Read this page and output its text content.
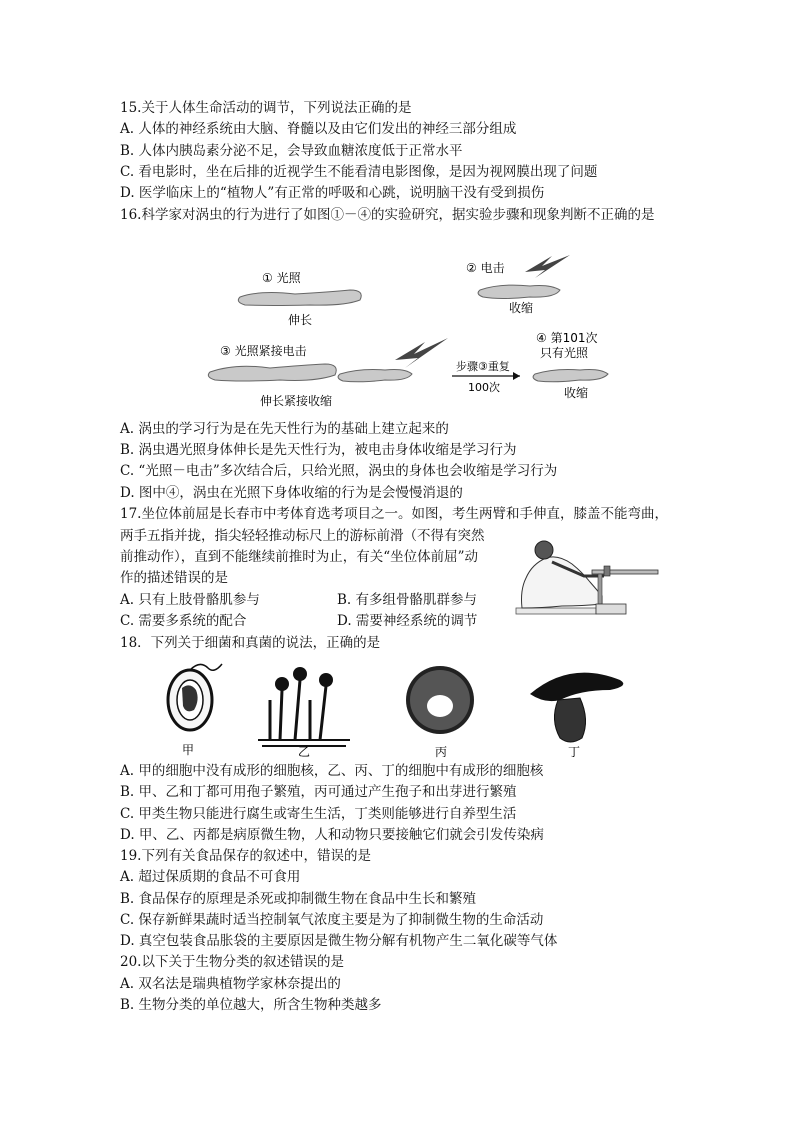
15.关于人体生命活动的调节，下列说法正确的是
A. 人体的神经系统由大脑、脊髓以及由它们发出的神经三部分组成
B. 人体内胰岛素分泌不足，会导致血糖浓度低于正常水平
C. 看电影时，坐在后排的近视学生不能看清电影图像，是因为视网膜出现了问题
D. 医学临床上的“植物人”有正常的呼吸和心跳，说明脑干没有受到损伤
16.科学家对涡虫的行为进行了如图①－④的实验研究，据实验步骤和现象判断不正确的是
① 光照
伸长
② 电击
收缩
③ 光照紧接电击
伸长紧接收缩
步骤③重复
100次
④ 第101次
只有光照
收缩
A. 涡虫的学习行为是在先天性行为的基础上建立起来的
B. 涡虫遇光照身体伸长是先天性行为，被电击身体收缩是学习行为
C. “光照－电击”多次结合后，只给光照，涡虫的身体也会收缩是学习行为
D. 图中④，涡虫在光照下身体收缩的行为是会慢慢消退的
17.坐位体前屈是长春市中考体育选考项目之一。如图，考生两臂和手伸直，膝盖不能弯曲，
两手五指并拢，指尖轻轻推动标尺上的游标前滑（不得有突然
前推动作），直到不能继续前推时为止，有关“坐位体前屈”动
作的描述错误的是
A. 只有上肢骨骼肌参与	B. 有多组骨骼肌群参与
C. 需要多系统的配合	D. 需要神经系统的调节
18．下列关于细菌和真菌的说法，正确的是
甲	乙	丙	丁
A. 甲的细胞中没有成形的细胞核，乙、丙、丁的细胞中有成形的细胞核
B. 甲、乙和丁都可用孢子繁殖，丙可通过产生孢子和出芽进行繁殖
C. 甲类生物只能进行腐生或寄生生活，丁类则能够进行自养型生活
D. 甲、乙、丙都是病原微生物，人和动物只要接触它们就会引发传染病
19.下列有关食品保存的叙述中，错误的是
A. 超过保质期的食品不可食用
B. 食品保存的原理是杀死或抑制微生物在食品中生长和繁殖
C. 保存新鲜果蔬时适当控制氧气浓度主要是为了抑制微生物的生命活动
D. 真空包装食品胀袋的主要原因是微生物分解有机物产生二氧化碳等气体
20.以下关于生物分类的叙述错误的是
A. 双名法是瑞典植物学家林奈提出的
B. 生物分类的单位越大，所含生物种类越多
